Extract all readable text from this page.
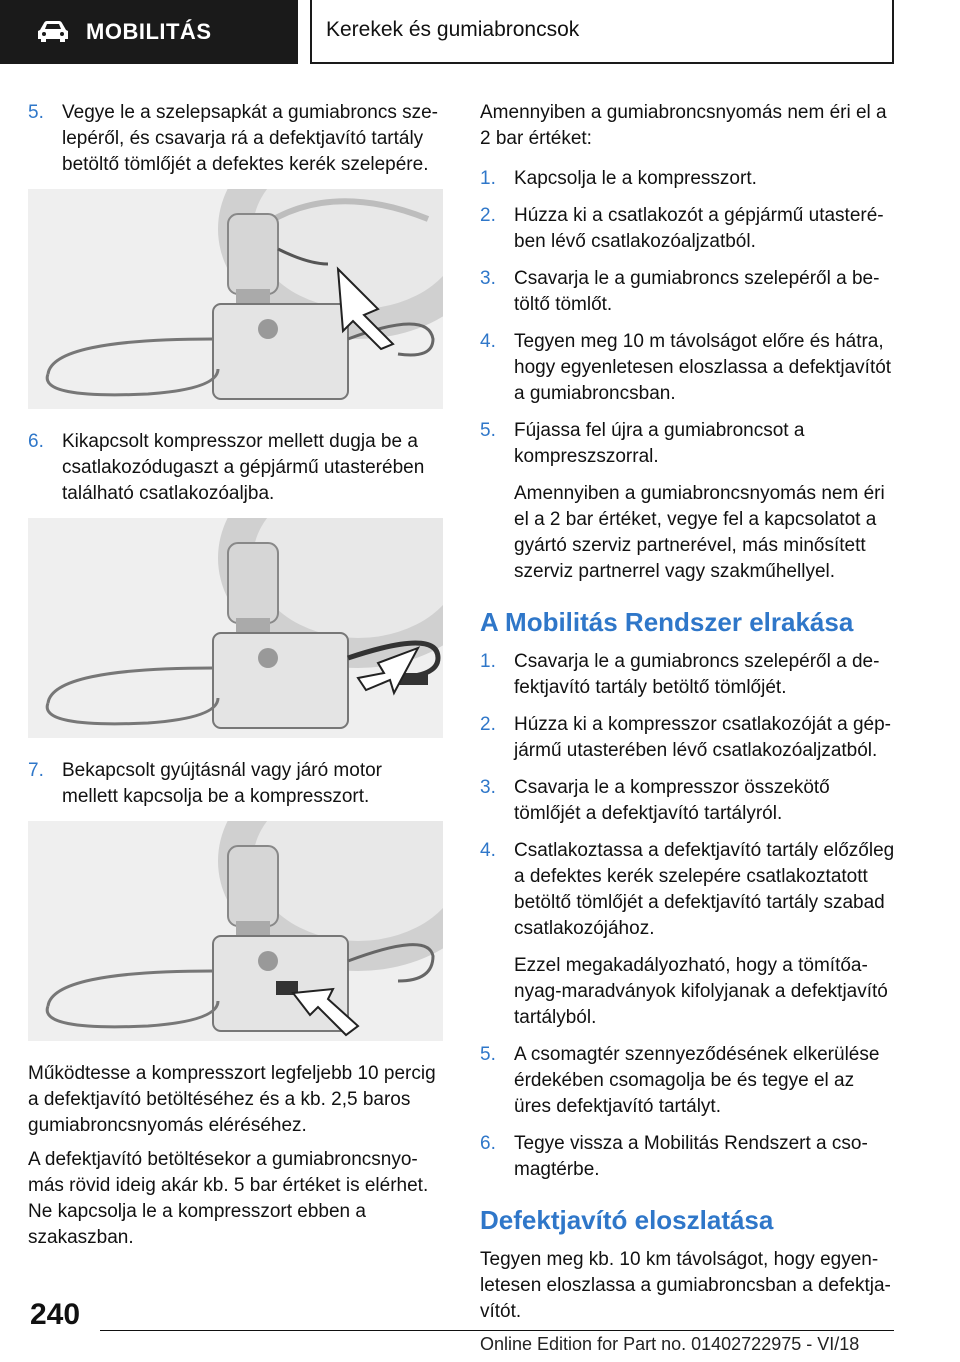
MOBILITÁS	Kerekek és gumiabroncsok
5. Vegye le a szelepsapkát a gumiabroncs szelepéről, és csavarja rá a defektjavító tartály betöltő tömlőjét a defektes kerék szelepére.
6. Kikapcsolt kompresszor mellett dugja be a csatlakozódugaszt a gépjármű utasterében található csatlakozóaljba.
7. Bekapcsolt gyújtásnál vagy járó motor mellett kapcsolja be a kompresszort.

Működtesse a kompresszort legfeljebb 10 percig a defektjavító betöltéséhez és a kb. 2,5 baros gumiabroncsnyomás eléréséhez.

A defektjavító betöltésekor a gumiabroncsnyomás rövid ideig akár kb. 5 bar értéket is elérhet. Ne kapcsolja le a kompresszort ebben a szakaszban.

Amennyiben a gumiabroncsnyomás nem éri el a 2 bar értéket:

1. Kapcsolja le a kompresszort.
2. Húzza ki a csatlakozót a gépjármű utasterében lévő csatlakozóaljzatból.
3. Csavarja le a gumiabroncs szelepéről a betöltő tömlőt.
4. Tegyen meg 10 m távolságot előre és hátra, hogy egyenletesen eloszlassa a defektjavítót a gumiabroncsban.
5. Fújassa fel újra a gumiabroncsot a kompreszszorral.
Amennyiben a gumiabroncsnyomás nem éri el a 2 bar értéket, vegye fel a kapcsolatot a gyártó szerviz partnerével, más minősített szerviz partnerrel vagy szakműhellyel.
A Mobilitás Rendszer elrakása
1. Csavarja le a gumiabroncs szelepéről a defektjavító tartály betöltő tömlőjét.
2. Húzza ki a kompresszor csatlakozóját a gépjármű utasterében lévő csatlakozóaljzatból.
3. Csavarja le a kompresszor összekötő tömlőjét a defektjavító tartályról.
4. Csatlakoztassa a defektjavító tartály előzőleg a defektes kerék szelepére csatlakoztatott betöltő tömlőjét a defektjavító tartály szabad csatlakozójához.
Ezzel megakadályozható, hogy a tömítőanyag-maradványok kifolyjanak a defektjavító tartályból.
5. A csomagtér szennyeződésének elkerülése érdekében csomagolja be és tegye el az üres defektjavító tartályt.
6. Tegye vissza a Mobilitás Rendszert a csomagtérbe.
Defektjavító eloszlatása

Tegyen meg kb. 10 km távolságot, hogy egyenletesen eloszlassa a gumiabroncsban a defektjavítót.

240
Online Edition for Part no. 01402722975 - VI/18
